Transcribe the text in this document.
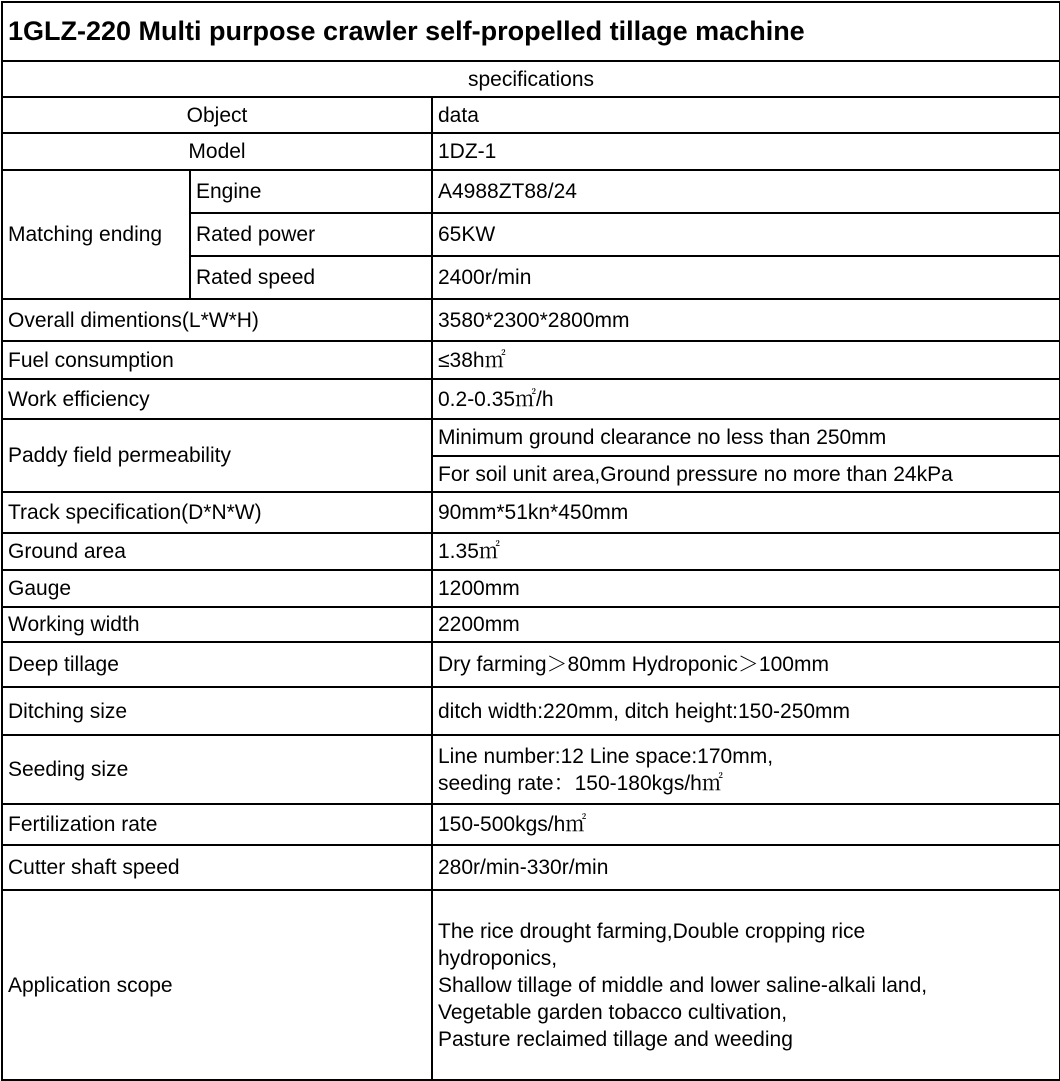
1GLZ-220 Multi purpose crawler self-propelled tillage machine		
specifications		
Object		data
Model		1DZ-1
Matching ending	Engine	A4988ZT88/24
	Rated power	65KW
	Rated speed	2400r/min
Overall dimentions(L*W*H)		3580*2300*2800mm
Fuel consumption		≤38h㎡
Work efficiency		0.2-0.35㎡/h
Paddy field permeability		Minimum ground clearance no less than 250mm
		For soil unit area,Ground pressure no more than 24kPa
Track specification(D*N*W)		90mm*51kn*450mm
Ground area		1.35㎡
Gauge		1200mm
Working width		2200mm
Deep tillage		Dry farming＞80mm Hydroponic＞100mm
Ditching size		ditch width:220mm, ditch height:150-250mm
Seeding size		Line number:12 Line space:170mm,
seeding rate：150-180kgs/h㎡

Fertilization rate		150-500kgs/h㎡
Cutter shaft speed		280r/min-330r/min
Application scope		The rice drought farming,Double cropping rice
hydroponics,
Shallow tillage of middle and lower saline-alkali land,
Vegetable garden tobacco cultivation,
Pasture reclaimed tillage and weeding
